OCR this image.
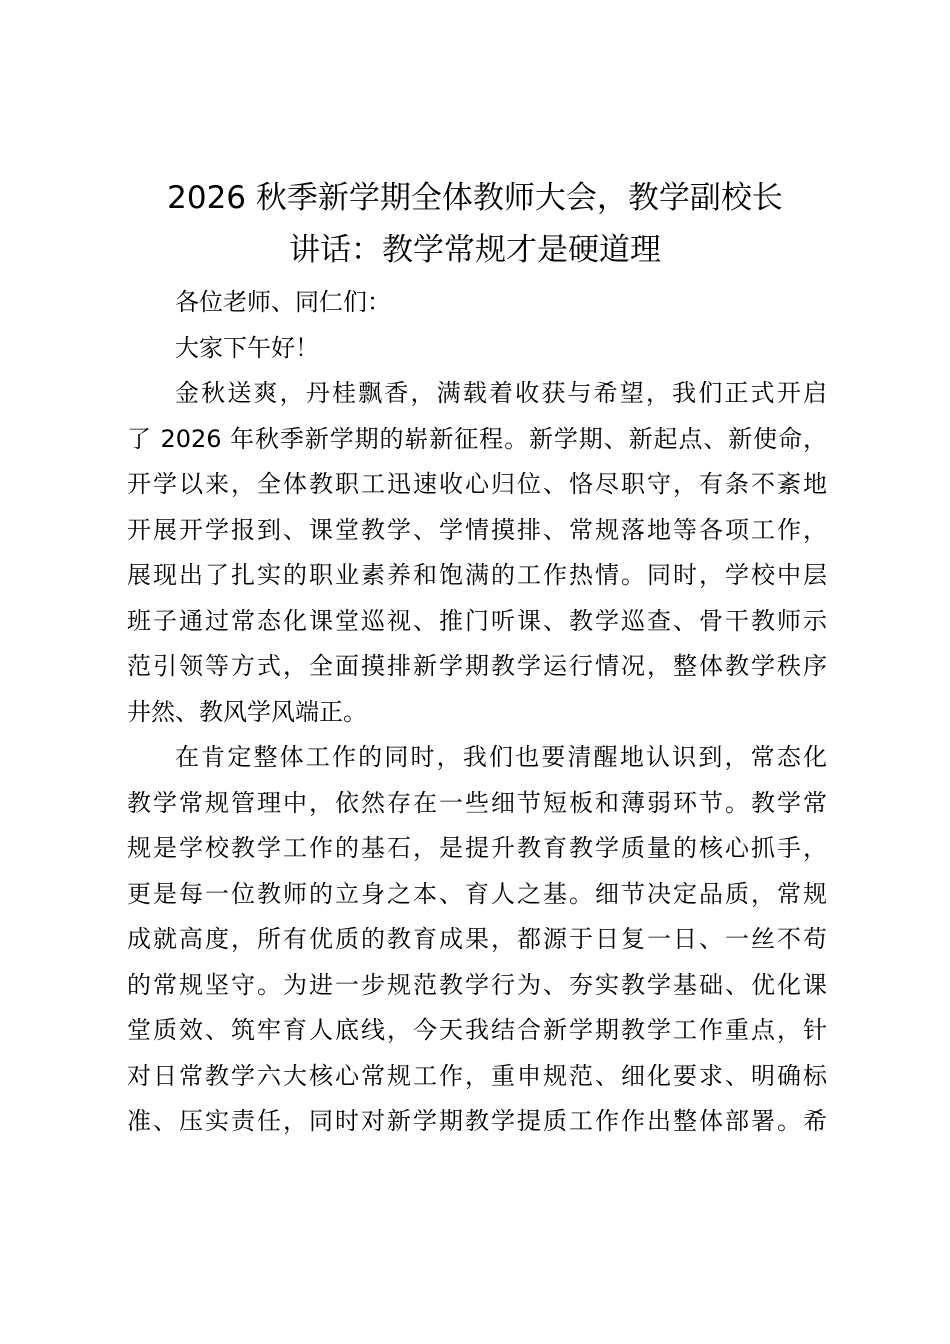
2026 秋季新学期全体教师大会，教学副校长
讲话：教学常规才是硬道理
各位老师、同仁们：
大家下午好！
金秋送爽，丹桂飘香，满载着收获与希望，我们正式开启
了 2026 年秋季新学期的崭新征程。新学期、新起点、新使命，
开学以来，全体教职工迅速收心归位、恪尽职守，有条不紊地
开展开学报到、课堂教学、学情摸排、常规落地等各项工作，
展现出了扎实的职业素养和饱满的工作热情。同时，学校中层
班子通过常态化课堂巡视、推门听课、教学巡查、骨干教师示
范引领等方式，全面摸排新学期教学运行情况，整体教学秩序
井然、教风学风端正。
在肯定整体工作的同时，我们也要清醒地认识到，常态化
教学常规管理中，依然存在一些细节短板和薄弱环节。教学常
规是学校教学工作的基石，是提升教育教学质量的核心抓手，
更是每一位教师的立身之本、育人之基。细节决定品质，常规
成就高度，所有优质的教育成果，都源于日复一日、一丝不苟
的常规坚守。为进一步规范教学行为、夯实教学基础、优化课
堂质效、筑牢育人底线，今天我结合新学期教学工作重点，针
对日常教学六大核心常规工作，重申规范、细化要求、明确标
准、压实责任，同时对新学期教学提质工作作出整体部署。希
